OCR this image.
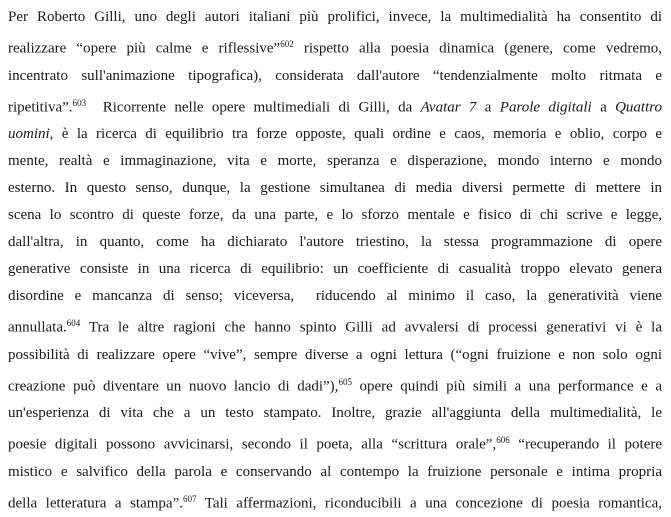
Per Roberto Gilli, uno degli autori italiani più prolifici, invece, la multimedialità ha consentito di
realizzare “opere più calme e riflessive”$^{602}$ rispetto alla poesia dinamica (genere, come vedremo,
incentrato sull'animazione tipografica), considerata dall'autore “tendenzialmente molto ritmata e
ripetitiva”.$^{603}$  Ricorrente nelle opere multimediali di Gilli, da Avatar 7 a Parole digitali a Quattro
uomini, è la ricerca di equilibrio tra forze opposte, quali ordine e caos, memoria e oblio, corpo e
mente, realtà e immaginazione, vita e morte, speranza e disperazione, mondo interno e mondo
esterno. In questo senso, dunque, la gestione simultanea di media diversi permette di mettere in
scena lo scontro di queste forze, da una parte, e lo sforzo mentale e fisico di chi scrive e legge,
dall'altra, in quanto, come ha dichiarato l'autore triestino, la stessa programmazione di opere
generative consiste in una ricerca di equilibrio: un coefficiente di casualità troppo elevato genera
disordine e mancanza di senso; viceversa,  riducendo al minimo il caso, la generatività viene
annullata.$^{604}$ Tra le altre ragioni che hanno spinto Gilli ad avvalersi di processi generativi vi è la
possibilità di realizzare opere “vive”, sempre diverse a ogni lettura (“ogni fruizione e non solo ogni
creazione può diventare un nuovo lancio di dadi”),$^{605}$ opere quindi più simili a una performance e a
un'esperienza di vita che a un testo stampato. Inoltre, grazie all'aggiunta della multimedialità, le
poesie digitali possono avvicinarsi, secondo il poeta, alla “scrittura orale”,$^{606}$ “recuperando il potere
mistico e salvifico della parola e conservando al contempo la fruizione personale e intima propria
della letteratura a stampa”.$^{607}$ Tali affermazioni, riconducibili a una concezione di poesia romantica,
